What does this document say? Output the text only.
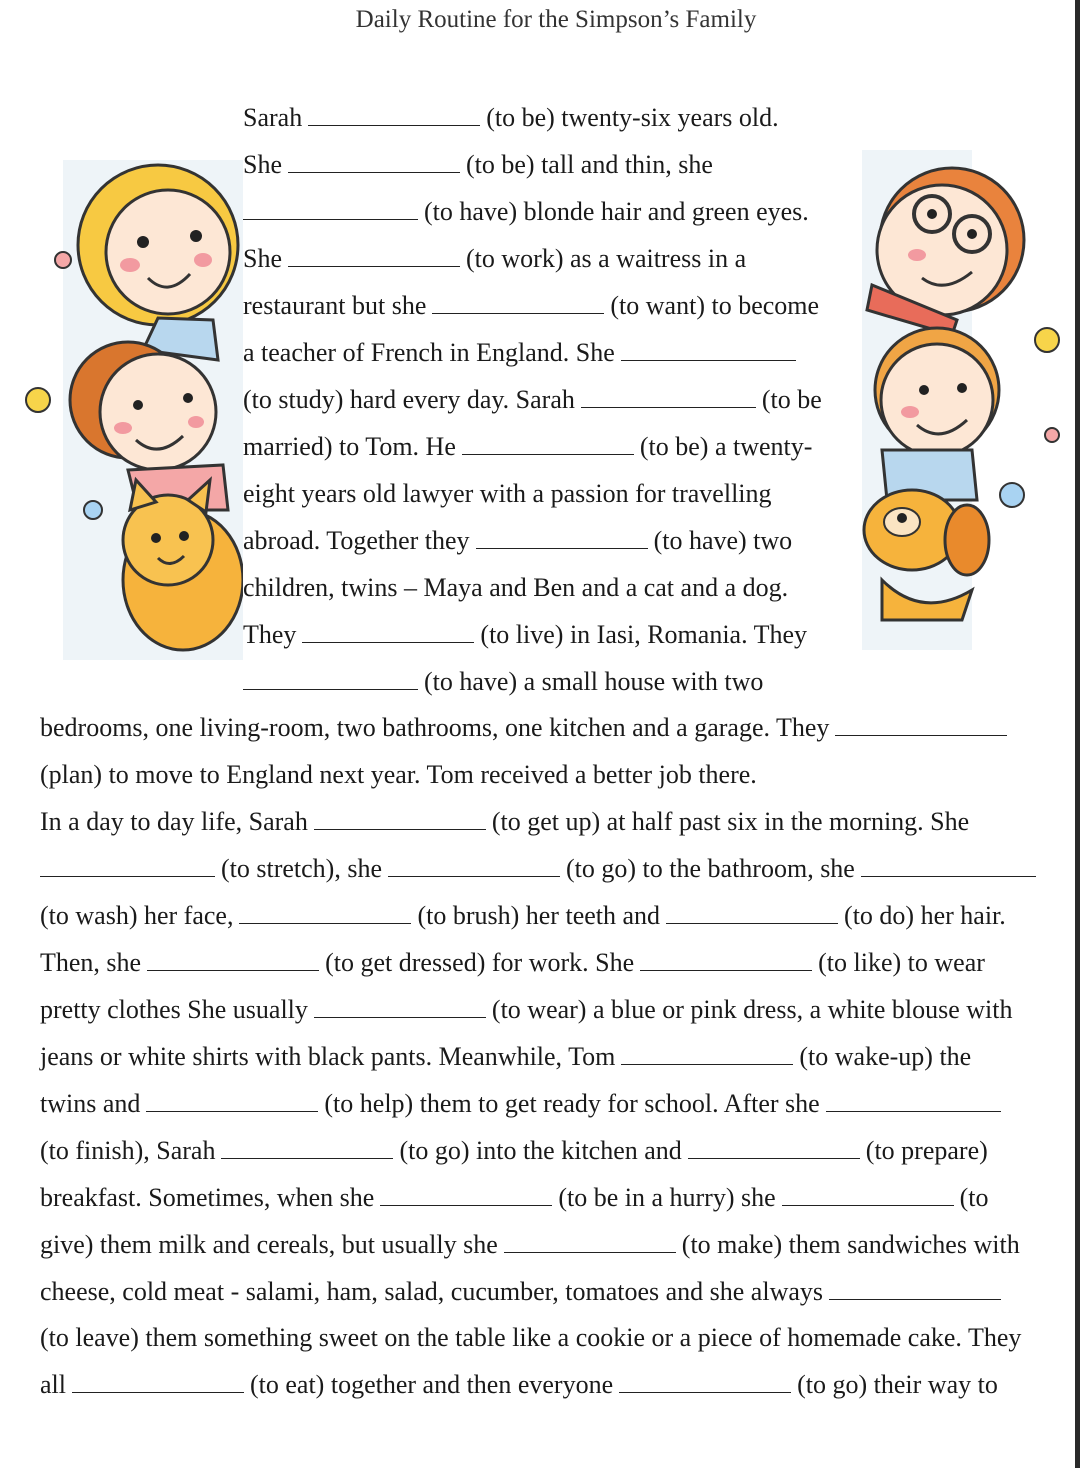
Daily Routine for the Simpson’s Family
Sarah	(to be) twenty-six years old.
She	(to be) tall and thin, she
(to have) blonde hair and green eyes.
She	(to work) as a waitress in a
restaurant but she	(to want) to become
a teacher of French in England. She
(to study) hard every day. Sarah	(to be
married) to Tom. He	(to be) a twenty-
eight years old lawyer with a passion for travelling
abroad. Together they	(to have) two
children, twins – Maya and Ben and a cat and a dog.
They	(to live) in Iasi, Romania. They
(to have) a small house with two
bedrooms, one living-room, two bathrooms, one kitchen and a garage. They
(plan) to move to England next year. Tom received a better job there.
In a day to day life, Sarah	(to get up) at half past six in the morning. She
(to stretch), she	(to go) to the bathroom, she
(to wash) her face,	(to brush) her teeth and	(to do) her hair.
Then, she	(to get dressed) for work. She	(to like) to wear
pretty clothes She usually	(to wear) a blue or pink dress, a white blouse with
jeans or white shirts with black pants. Meanwhile, Tom	(to wake-up) the
twins and	(to help) them to get ready for school. After she
(to finish), Sarah	(to go) into the kitchen and	(to prepare)
breakfast. Sometimes, when she	(to be in a hurry) she	(to
give) them milk and cereals, but usually she	(to make) them sandwiches with
cheese, cold meat - salami, ham, salad, cucumber, tomatoes and she always
(to leave) them something sweet on the table like a cookie or a piece of homemade cake. They
all	(to eat) together and then everyone	(to go) their way to
